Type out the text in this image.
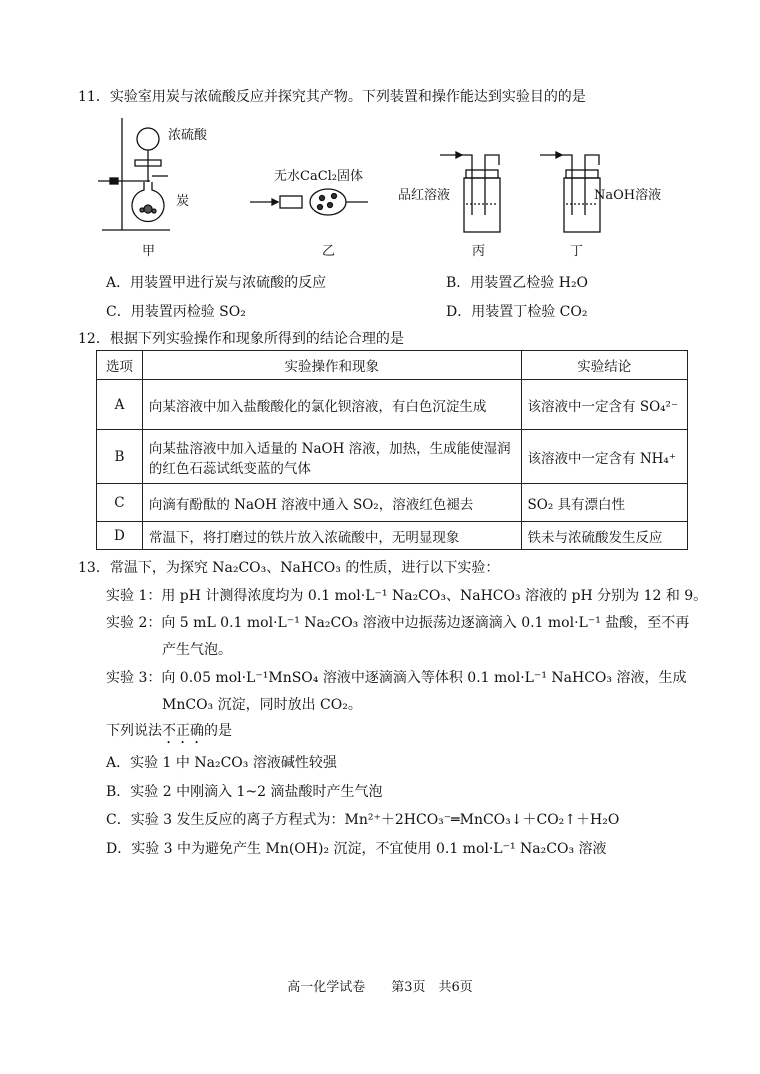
11．实验室用炭与浓硫酸反应并探究其产物。下列装置和操作能达到实验目的的是
浓硫酸
炭
无水CaCl₂固体
品红溶液	NaOH溶液
甲	乙	丙	丁
A．用装置甲进行炭与浓硫酸的反应	B．用装置乙检验 H₂O
C．用装置丙检验 SO₂	D．用装置丁检验 CO₂
12．根据下列实验操作和现象所得到的结论合理的是
选项	实验操作和现象	实验结论
A	向某溶液中加入盐酸酸化的氯化钡溶液，有白色沉淀生成	该溶液中一定含有 SO₄²⁻
B	向某盐溶液中加入适量的 NaOH 溶液，加热，生成能使湿润的红色石蕊试纸变蓝的气体	该溶液中一定含有 NH₄⁺
C	向滴有酚酞的 NaOH 溶液中通入 SO₂，溶液红色褪去	SO₂ 具有漂白性
D	常温下，将打磨过的铁片放入浓硫酸中，无明显现象	铁未与浓硫酸发生反应
13．常温下，为探究 Na₂CO₃、NaHCO₃ 的性质，进行以下实验：
实验 1：用 pH 计测得浓度均为 0.1 mol·L⁻¹ Na₂CO₃、NaHCO₃ 溶液的 pH 分别为 12 和 9。
实验 2：向 5 mL 0.1 mol·L⁻¹ Na₂CO₃ 溶液中边振荡边逐滴滴入 0.1 mol·L⁻¹ 盐酸，至不再
产生气泡。
实验 3：向 0.05 mol·L⁻¹MnSO₄ 溶液中逐滴滴入等体积 0.1 mol·L⁻¹ NaHCO₃ 溶液，生成
MnCO₃ 沉淀，同时放出 CO₂。
下列说法不正确的是
A．实验 1 中 Na₂CO₃ 溶液碱性较强
B．实验 2 中刚滴入 1~2 滴盐酸时产生气泡
C．实验 3 发生反应的离子方程式为：Mn²⁺＋2HCO₃⁻═MnCO₃↓＋CO₂↑＋H₂O
D．实验 3 中为避免产生 Mn(OH)₂ 沉淀，不宜使用 0.1 mol·L⁻¹ Na₂CO₃ 溶液
高一化学试卷　　第3页　共6页
